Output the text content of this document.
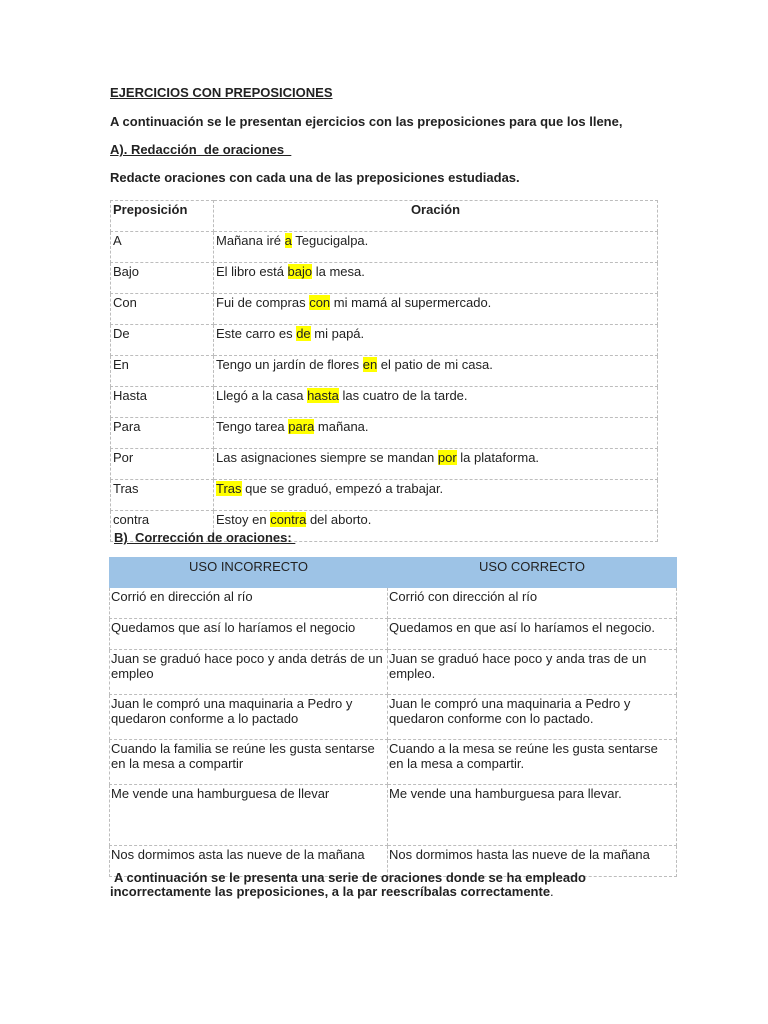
EJERCICIOS CON PREPOSICIONES
A continuación se le presentan ejercicios con las preposiciones para que los llene,
A). Redacción  de oraciones
Redacte oraciones con cada una de las preposiciones estudiadas.
Preposición	Oración
A	Mañana iré a Tegucigalpa.
Bajo	El libro está bajo la mesa.
Con	Fui de compras con mi mamá al supermercado.
De	Este carro es de mi papá.
En	Tengo un jardín de flores en el patio de mi casa.
Hasta	Llegó a la casa hasta las cuatro de la tarde.
Para	Tengo tarea para mañana.
Por	Las asignaciones siempre se mandan por la plataforma.
Tras	Tras que se graduó, empezó a trabajar.
contra	Estoy en contra del aborto.
B)  Corrección de oraciones:
USO INCORRECTO	USO CORRECTO
Corrió en dirección al río	Corrió con dirección al río
Quedamos que así lo haríamos el negocio	Quedamos en que así lo haríamos el negocio.
Juan se graduó hace poco y anda detrás de un empleo	Juan se graduó hace poco y anda tras de un empleo.
Juan le compró una maquinaria a Pedro y quedaron conforme a lo pactado	Juan le compró una maquinaria a Pedro y quedaron conforme con lo pactado.
Cuando la familia se reúne les gusta sentarse en la mesa a compartir	Cuando a la mesa se reúne les gusta sentarse en la mesa a compartir.
Me vende una hamburguesa de llevar	Me vende una hamburguesa para llevar.
Nos dormimos asta las nueve de la mañana	Nos dormimos hasta las nueve de la mañana
A continuación se le presenta una serie de oraciones donde se ha empleado incorrectamente las preposiciones, a la par reescríbalas correctamente.
